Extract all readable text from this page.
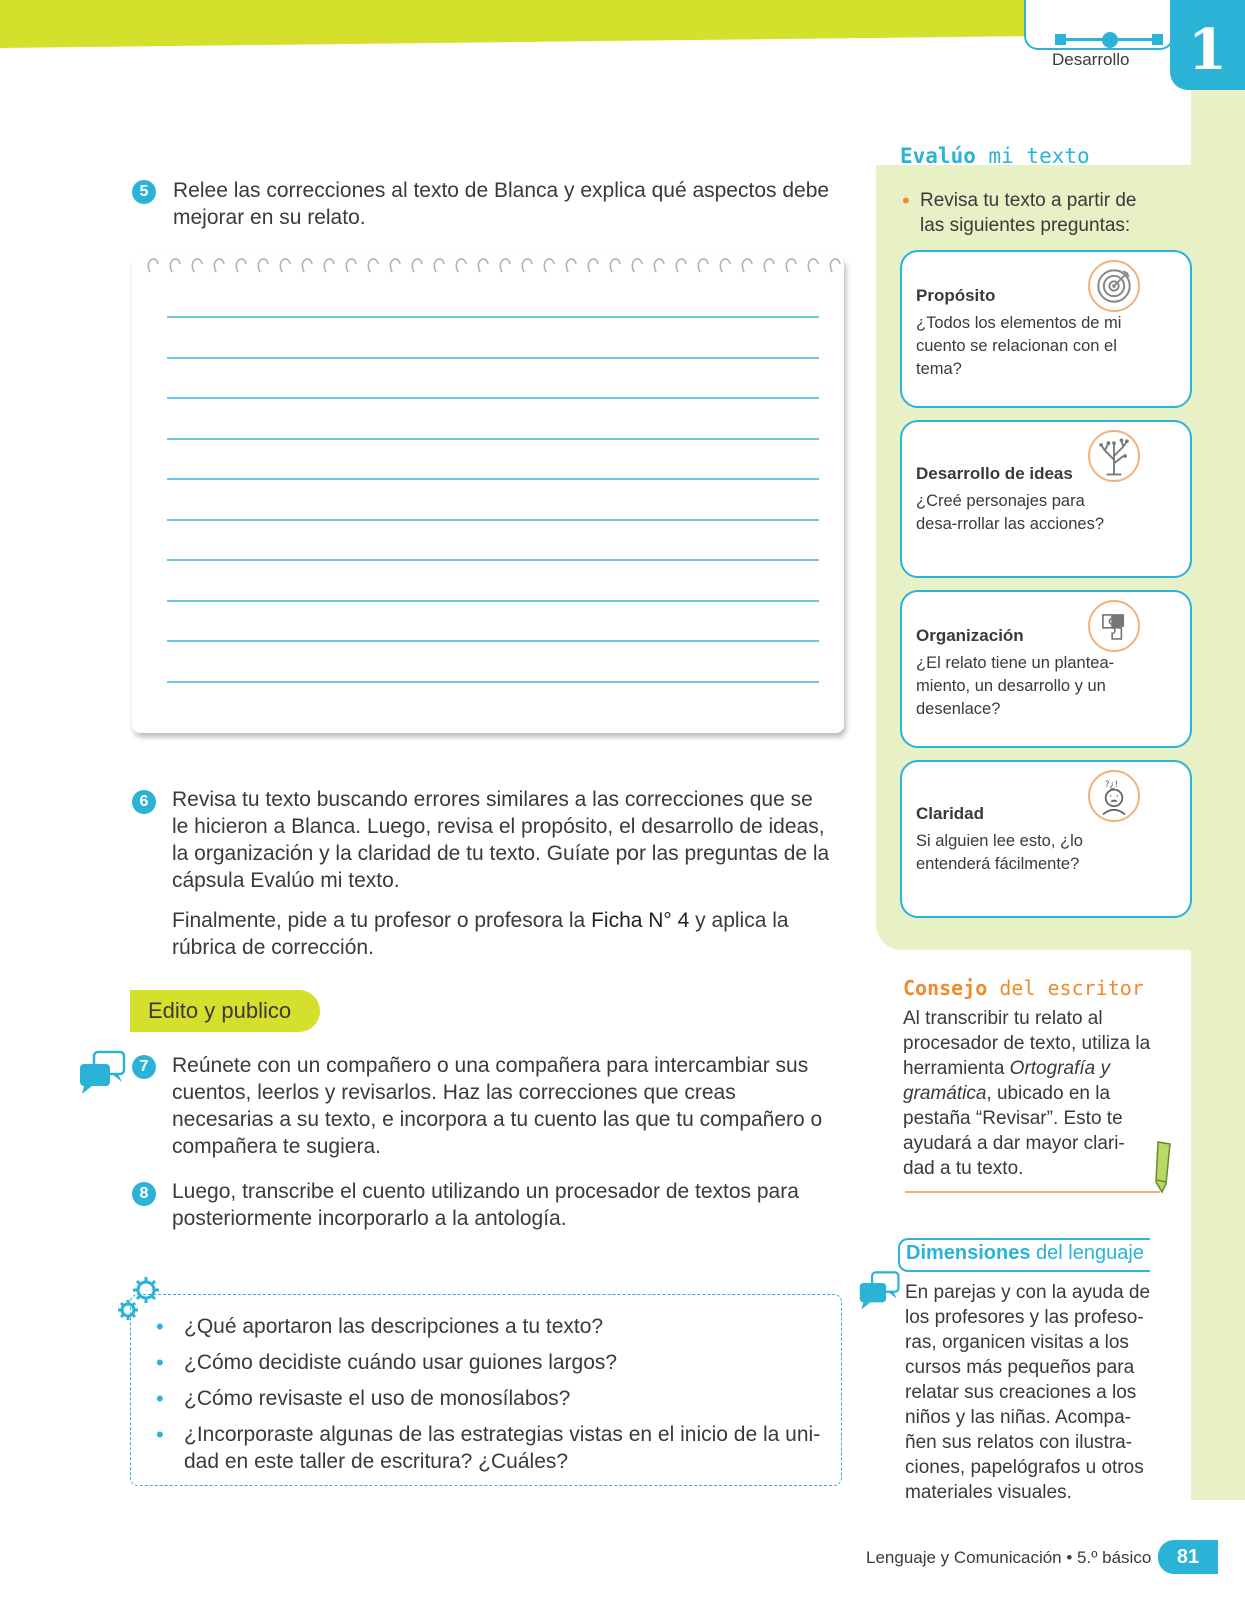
Desarrollo	1
5	Relee las correcciones al texto de Blanca y explica qué aspectos debe mejorar en su relato.
6	Revisa tu texto buscando errores similares a las correcciones que se le hicieron a Blanca. Luego, revisa el propósito, el desarrollo de ideas, la organización y la claridad de tu texto. Guíate por las preguntas de la cápsula Evalúo mi texto.
Finalmente, pide a tu profesor o profesora la Ficha N° 4 y aplica la rúbrica de corrección.
Edito y publico
7	Reúnete con un compañero o una compañera para intercambiar sus cuentos, leerlos y revisarlos. Haz las correcciones que creas necesarias a su texto, e incorpora a tu cuento las que tu compañero o compañera te sugiera.
8	Luego, transcribe el cuento utilizando un procesador de textos para posteriormente incorporarlo a la antología.
• ¿Qué aportaron las descripciones a tu texto?
• ¿Cómo decidiste cuándo usar guiones largos?
• ¿Cómo revisaste el uso de monosílabos?
• ¿Incorporaste algunas de las estrategias vistas en el inicio de la uni-dad en este taller de escritura? ¿Cuáles?
Evalúo mi texto
• Revisa tu texto a partir de las siguientes preguntas:
Propósito
¿Todos los elementos de mi cuento se relacionan con el tema?
Desarrollo de ideas
¿Creé personajes para desa-rrollar las acciones?
Organización
¿El relato tiene un plantea-miento, un desarrollo y un desenlace?
?¿!
Claridad
Si alguien lee esto, ¿lo entenderá fácilmente?
Consejo del escritor
Al transcribir tu relato al procesador de texto, utiliza la herramienta Ortografía y gramática, ubicado en la pestaña “Revisar”. Esto te ayudará a dar mayor clari-dad a tu texto.
Dimensiones del lenguaje
En parejas y con la ayuda de los profesores y las profeso-ras, organicen visitas a los cursos más pequeños para relatar sus creaciones a los niños y las niñas. Acompa-ñen sus relatos con ilustra-ciones, papelógrafos u otros materiales visuales.
Lenguaje y Comunicación • 5.º básico	81
